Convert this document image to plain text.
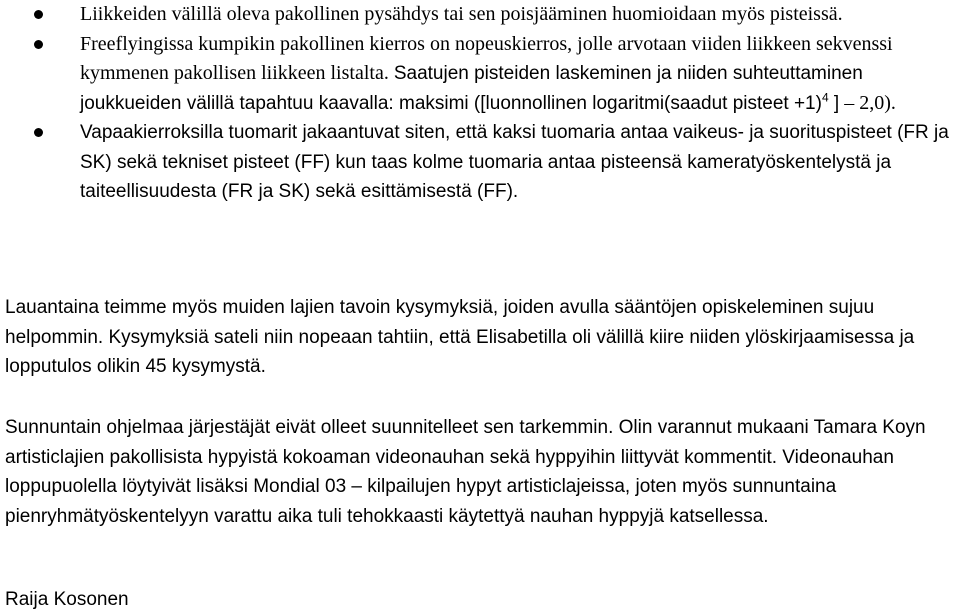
Liikkeiden välillä oleva pakollinen pysähdys tai sen poisjääminen huomioidaan myös pisteissä.
Freeflyingissa kumpikin pakollinen kierros on nopeuskierros, jolle arvotaan viiden liikkeen sekvenssi kymmenen pakollisen liikkeen listalta. Saatujen pisteiden laskeminen ja niiden suhteuttaminen joukkueiden välillä tapahtuu kaavalla: maksimi ([luonnollinen logaritmi(saadut pisteet +1)$^4$ ] – 2,0).
Vapaakierroksilla tuomarit jakaantuvat siten, että kaksi tuomaria antaa vaikeus- ja suorituspisteet (FR ja SK) sekä tekniset pisteet (FF) kun taas kolme tuomaria antaa pisteensä kameratyöskentelystä ja taiteellisuudesta (FR ja SK) sekä esittämisestä (FF).

Lauantaina teimme myös muiden lajien tavoin kysymyksiä, joiden avulla sääntöjen opiskeleminen sujuu helpommin. Kysymyksiä sateli niin nopeaan tahtiin, että Elisabetilla oli välillä kiire niiden ylöskirjaamisessa ja lopputulos olikin 45 kysymystä.

Sunnuntain ohjelmaa järjestäjät eivät olleet suunnitelleet sen tarkemmin. Olin varannut mukaani Tamara Koyn artisticlajien pakollisista hypyistä kokoaman videonauhan sekä hyppyihin liittyvät kommentit. Videonauhan loppupuolella löytyivät lisäksi Mondial 03 – kilpailujen hypyt artisticlajeissa, joten myös sunnuntaina pienryhmätyöskentelyyn varattu aika tuli tehokkaasti käytettyä nauhan hyppyjä katsellessa.

Raija Kosonen
